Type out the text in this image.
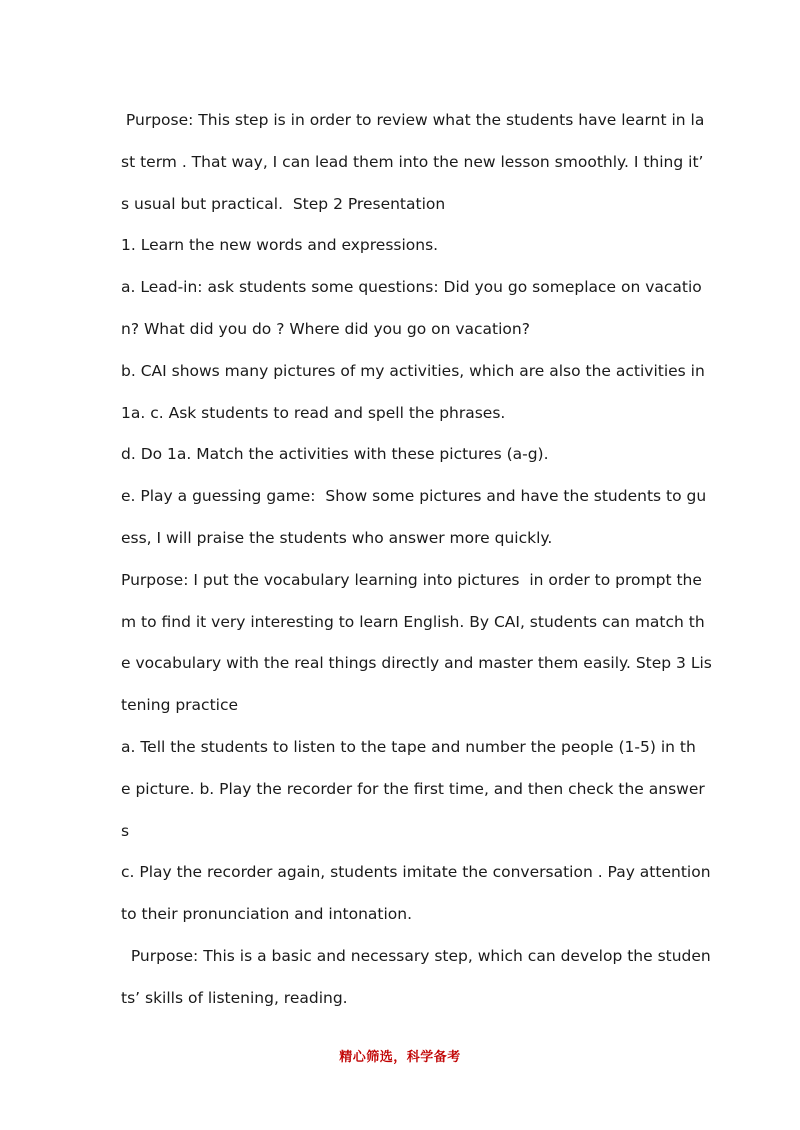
Purpose: This step is in order to review what the students have learnt in la
st term . That way, I can lead them into the new lesson smoothly. I thing it’
s usual but practical.  Step 2 Presentation
1. Learn the new words and expressions.
a. Lead-in: ask students some questions: Did you go someplace on vacatio
n? What did you do ? Where did you go on vacation?
b. CAI shows many pictures of my activities, which are also the activities in
1a. c. Ask students to read and spell the phrases.
d. Do 1a. Match the activities with these pictures (a-g).
e. Play a guessing game:  Show some pictures and have the students to gu
ess, I will praise the students who answer more quickly.
Purpose: I put the vocabulary learning into pictures  in order to prompt the
m to find it very interesting to learn English. By CAI, students can match th
e vocabulary with the real things directly and master them easily. Step 3 Lis
tening practice
a. Tell the students to listen to the tape and number the people (1-5) in th
e picture. b. Play the recorder for the first time, and then check the answer
s
c. Play the recorder again, students imitate the conversation . Pay attention
to their pronunciation and intonation.
Purpose: This is a basic and necessary step, which can develop the studen
ts’ skills of listening, reading.
精心筛选，科学备考
